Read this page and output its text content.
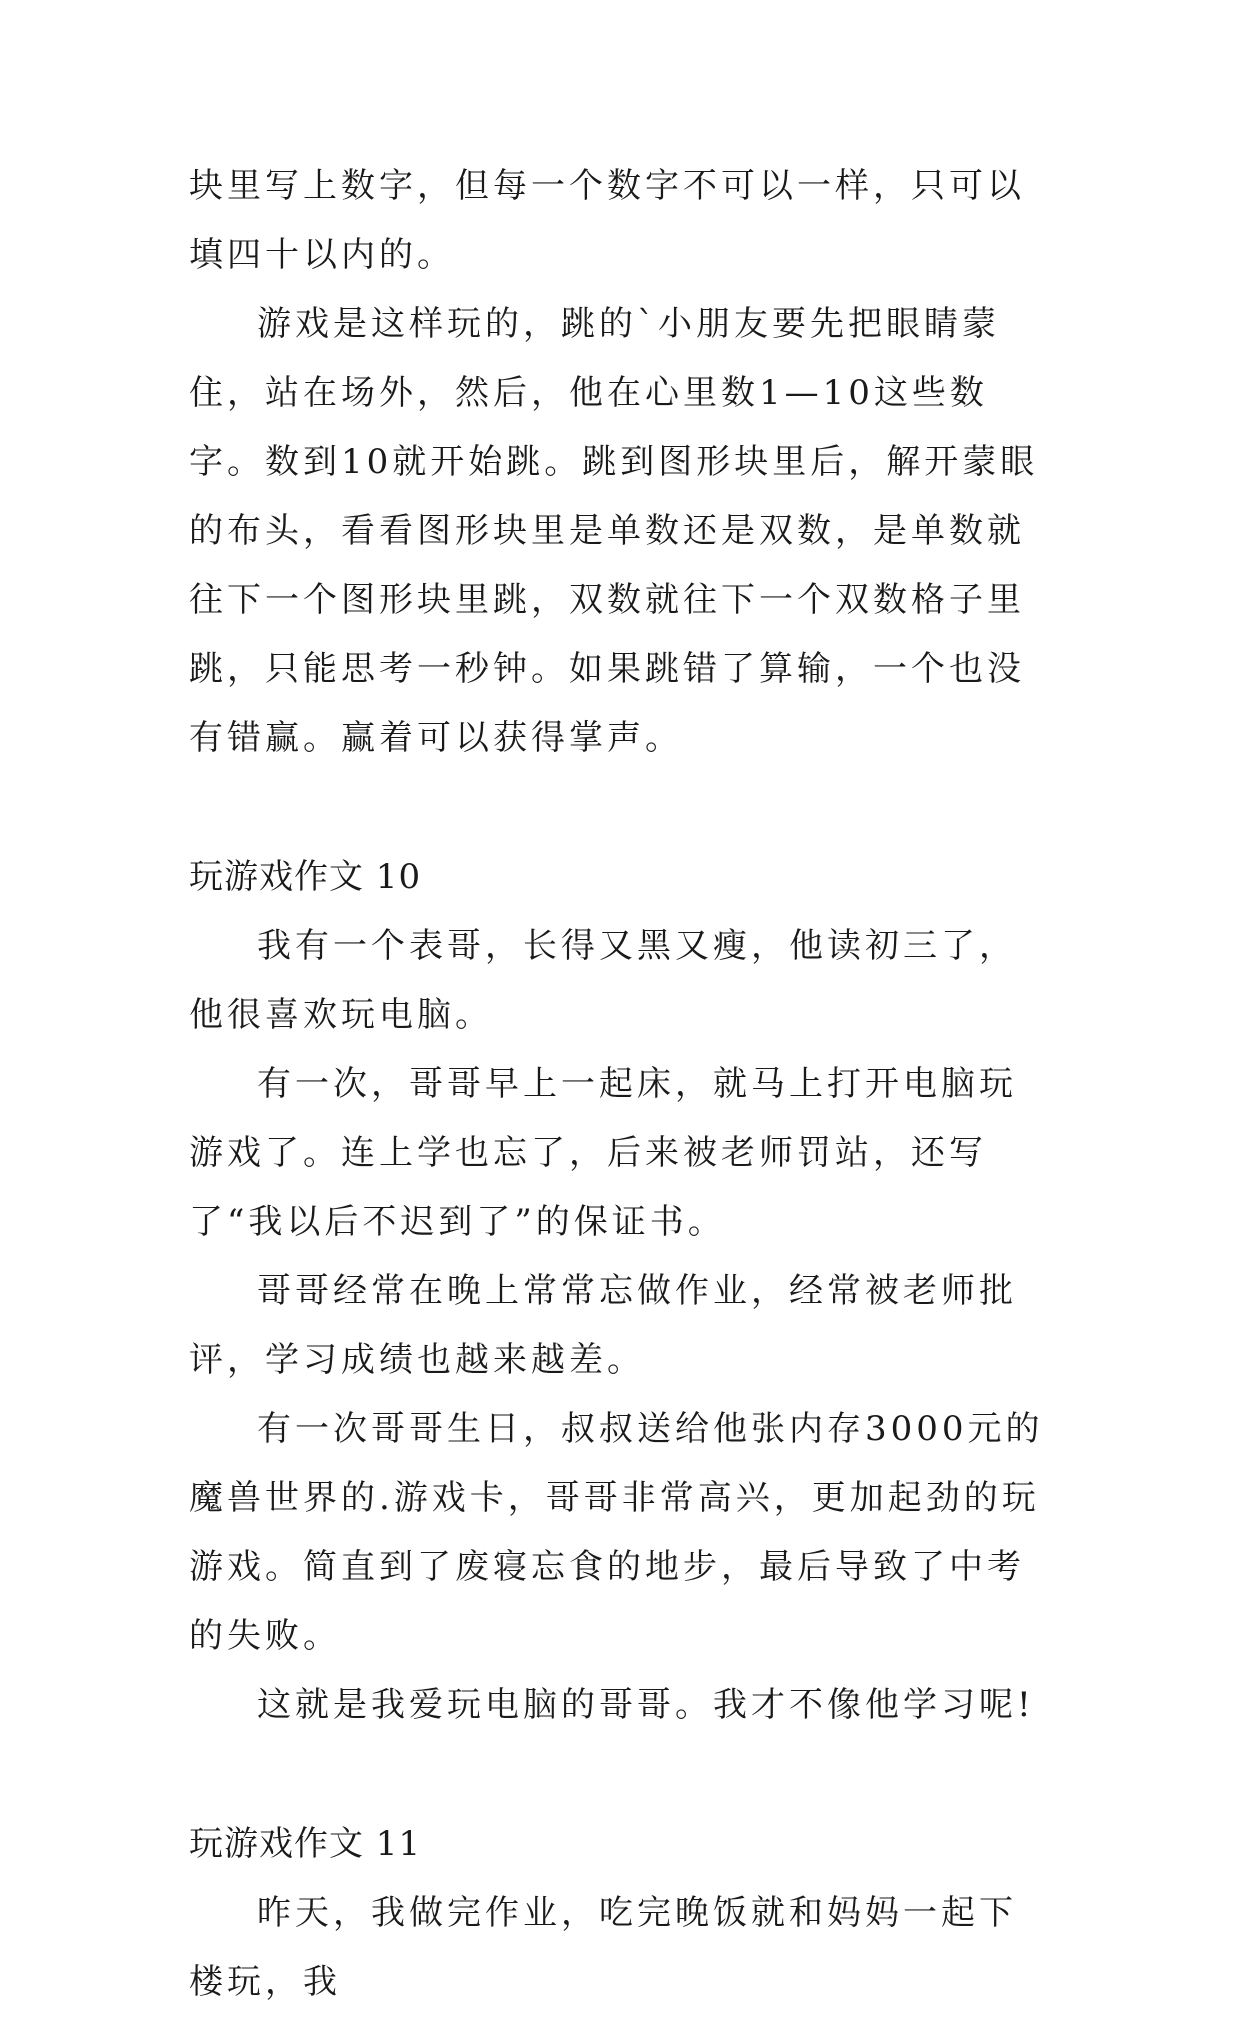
块里写上数字，但每一个数字不可以一样，只可以填四十以内的。

游戏是这样玩的，跳的`小朋友要先把眼睛蒙住，站在场外，然后，他在心里数1—10这些数字。数到10就开始跳。跳到图形块里后，解开蒙眼的布头，看看图形块里是单数还是双数，是单数就往下一个图形块里跳，双数就往下一个双数格子里跳，只能思考一秒钟。如果跳错了算输，一个也没有错赢。赢着可以获得掌声。

玩游戏作文 10

我有一个表哥，长得又黑又瘦，他读初三了，他很喜欢玩电脑。

有一次，哥哥早上一起床，就马上打开电脑玩游戏了。连上学也忘了，后来被老师罚站，还写了“我以后不迟到了”的保证书。

哥哥经常在晚上常常忘做作业，经常被老师批评，学习成绩也越来越差。

有一次哥哥生日，叔叔送给他张内存3000元的魔兽世界的.游戏卡，哥哥非常高兴，更加起劲的玩游戏。简直到了废寝忘食的地步，最后导致了中考的失败。

这就是我爱玩电脑的哥哥。我才不像他学习呢!

玩游戏作文 11

昨天，我做完作业，吃完晚饭就和妈妈一起下楼玩，我
